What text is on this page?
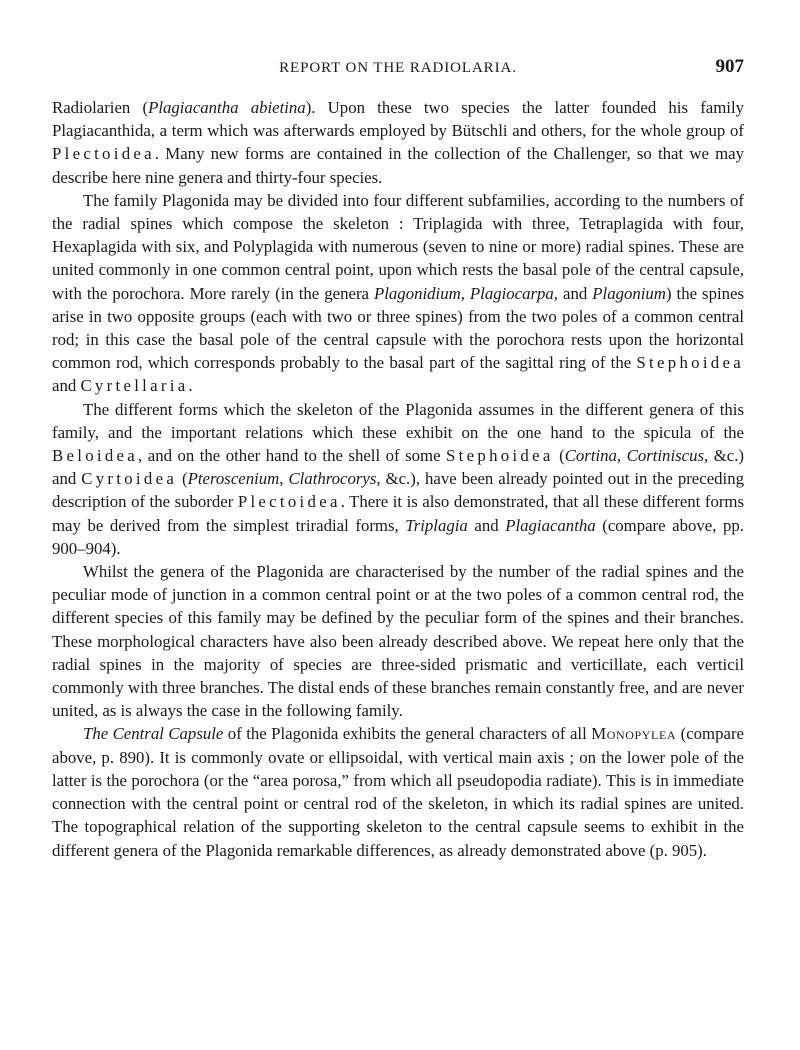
REPORT ON THE RADIOLARIA.	907

Radiolarien (Plagiacantha abietina). Upon these two species the latter founded his family Plagiacanthida, a term which was afterwards employed by Bütschli and others, for the whole group of Plectoidea. Many new forms are contained in the collection of the Challenger, so that we may describe here nine genera and thirty-four species.

The family Plagonida may be divided into four different subfamilies, according to the numbers of the radial spines which compose the skeleton : Triplagida with three, Tetraplagida with four, Hexaplagida with six, and Polyplagida with numerous (seven to nine or more) radial spines. These are united commonly in one common central point, upon which rests the basal pole of the central capsule, with the porochora. More rarely (in the genera Plagonidium, Plagiocarpa, and Plagonium) the spines arise in two opposite groups (each with two or three spines) from the two poles of a common central rod; in this case the basal pole of the central capsule with the porochora rests upon the horizontal common rod, which corresponds probably to the basal part of the sagittal ring of the Stephoidea and Cyrtellaria.

The different forms which the skeleton of the Plagonida assumes in the different genera of this family, and the important relations which these exhibit on the one hand to the spicula of the Beloidea, and on the other hand to the shell of some Stephoidea (Cortina, Cortiniscus, &c.) and Cyrtoidea (Pteroscenium, Clathrocorys, &c.), have been already pointed out in the preceding description of the suborder Plectoidea. There it is also demonstrated, that all these different forms may be derived from the simplest triradial forms, Triplagia and Plagiacantha (compare above, pp. 900–904).

Whilst the genera of the Plagonida are characterised by the number of the radial spines and the peculiar mode of junction in a common central point or at the two poles of a common central rod, the different species of this family may be defined by the peculiar form of the spines and their branches. These morphological characters have also been already described above. We repeat here only that the radial spines in the majority of species are three-sided prismatic and verticillate, each verticil commonly with three branches. The distal ends of these branches remain constantly free, and are never united, as is always the case in the following family.

The Central Capsule of the Plagonida exhibits the general characters of all Monopylea (compare above, p. 890). It is commonly ovate or ellipsoidal, with vertical main axis ; on the lower pole of the latter is the porochora (or the “area porosa,” from which all pseudopodia radiate). This is in immediate connection with the central point or central rod of the skeleton, in which its radial spines are united. The topographical relation of the supporting skeleton to the central capsule seems to exhibit in the different genera of the Plagonida remarkable differences, as already demonstrated above (p. 905).
